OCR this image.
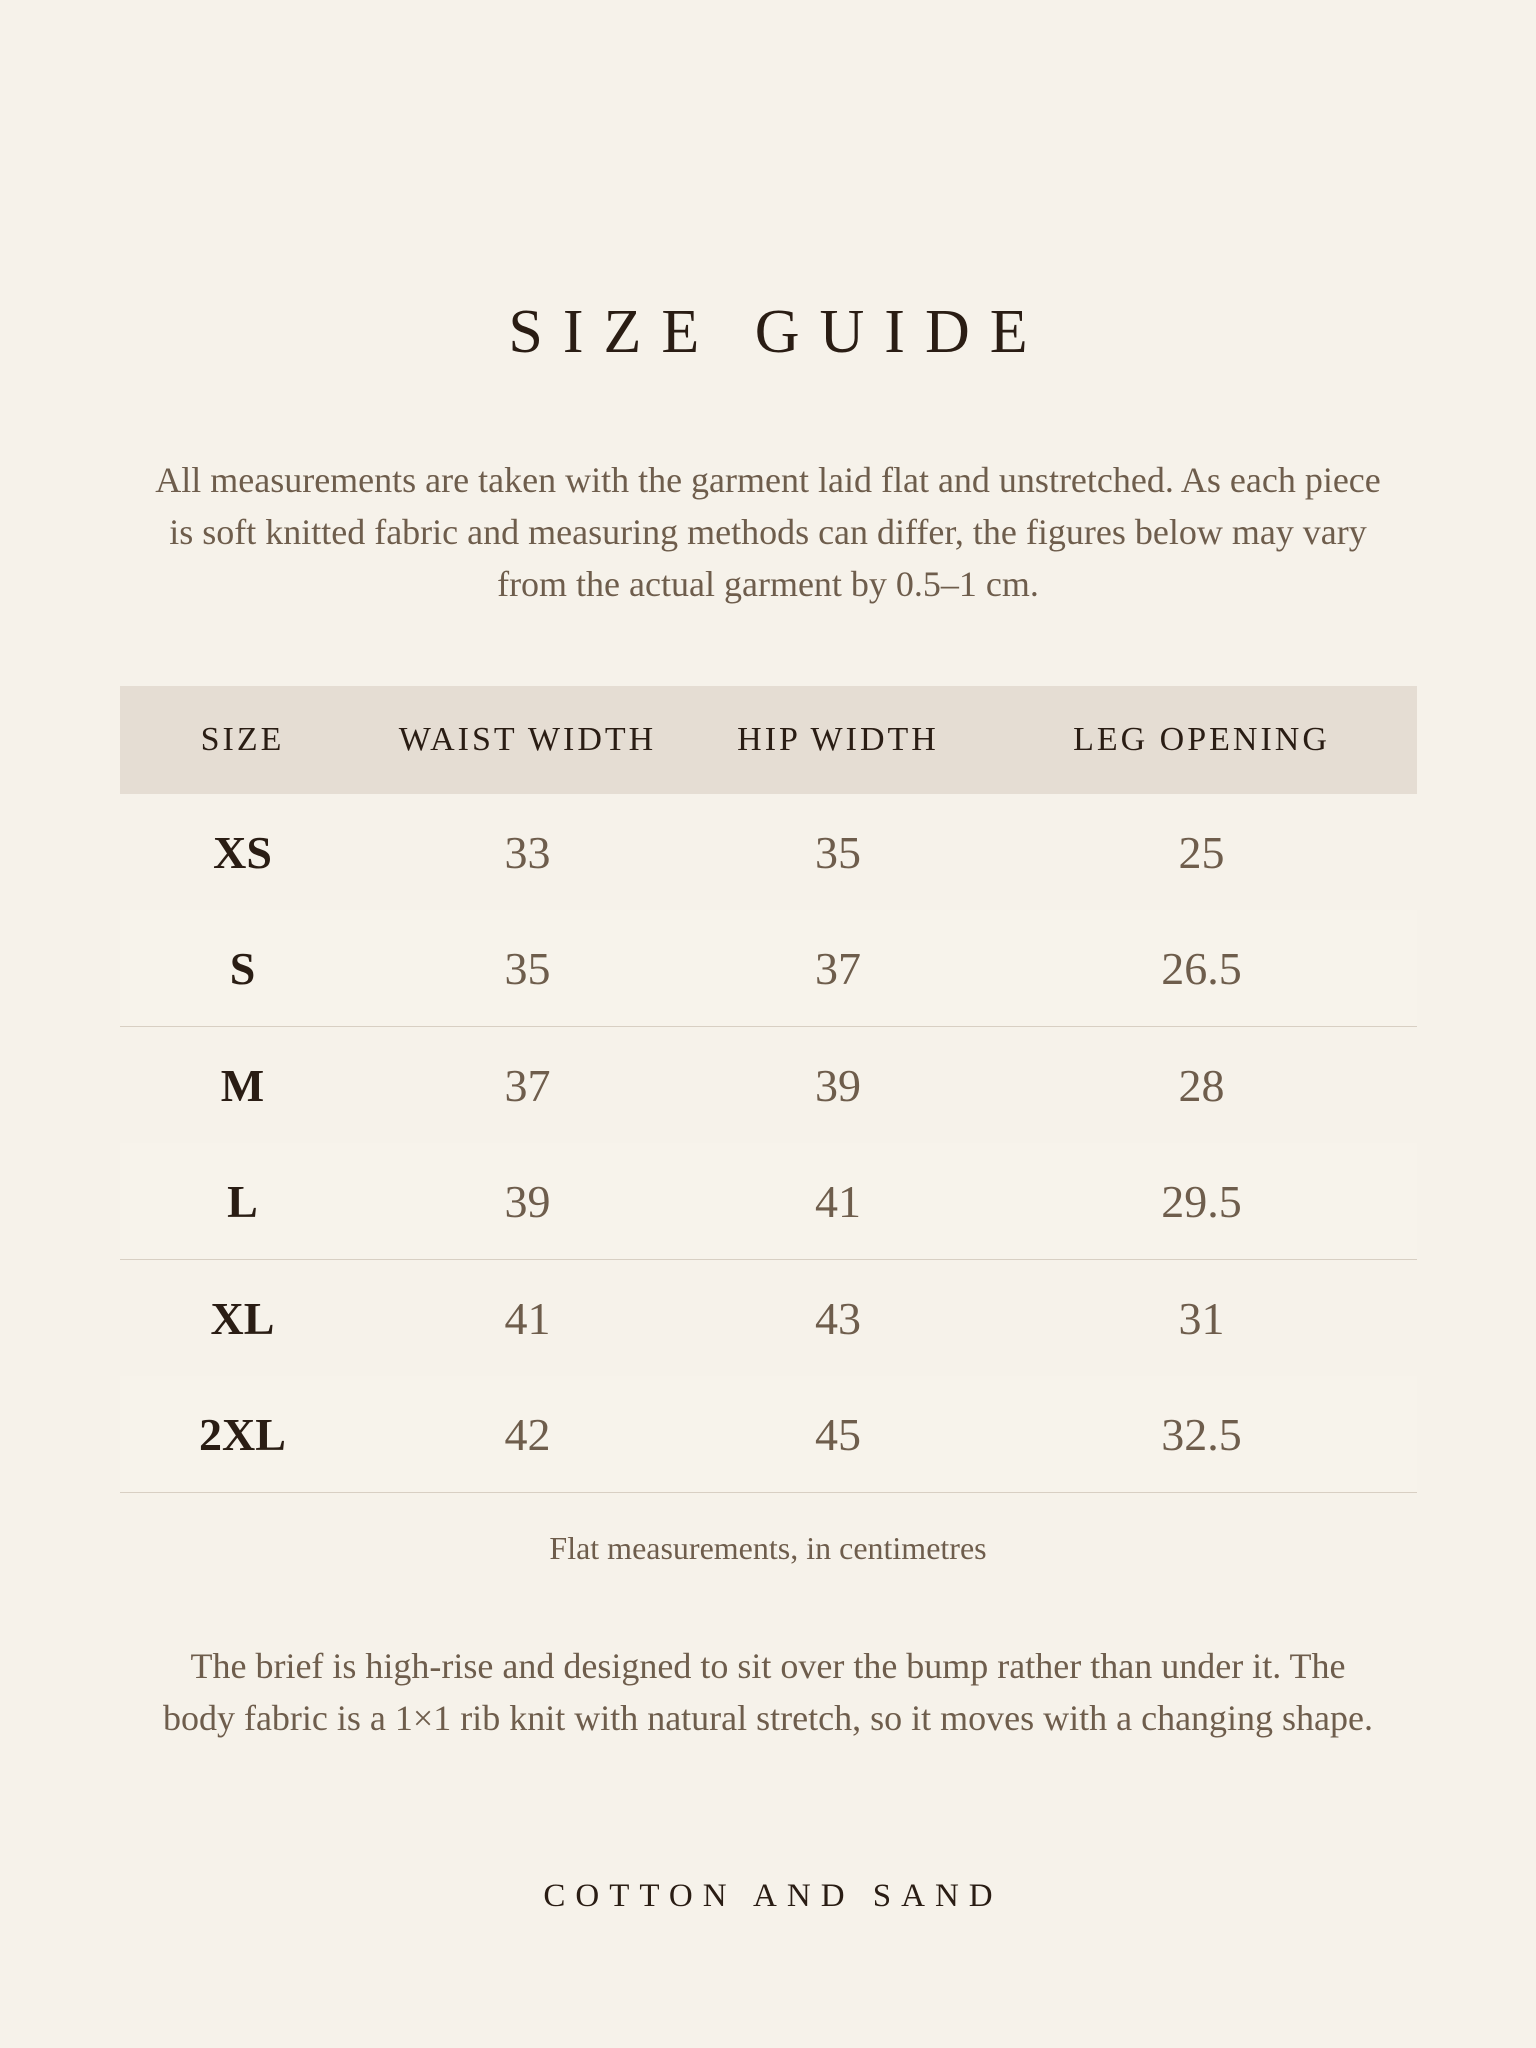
SIZE GUIDE

All measurements are taken with the garment laid flat and unstretched. As each piece is soft knitted fabric and measuring methods can differ, the figures below may vary from the actual garment by 0.5–1 cm.

SIZE	WAIST WIDTH	HIP WIDTH	LEG OPENING
XS	33	35	25
S	35	37	26.5
M	37	39	28
L	39	41	29.5
XL	41	43	31
2XL	42	45	32.5

Flat measurements, in centimetres

The brief is high-rise and designed to sit over the bump rather than under it. The body fabric is a 1×1 rib knit with natural stretch, so it moves with a changing shape.

COTTON AND SAND
